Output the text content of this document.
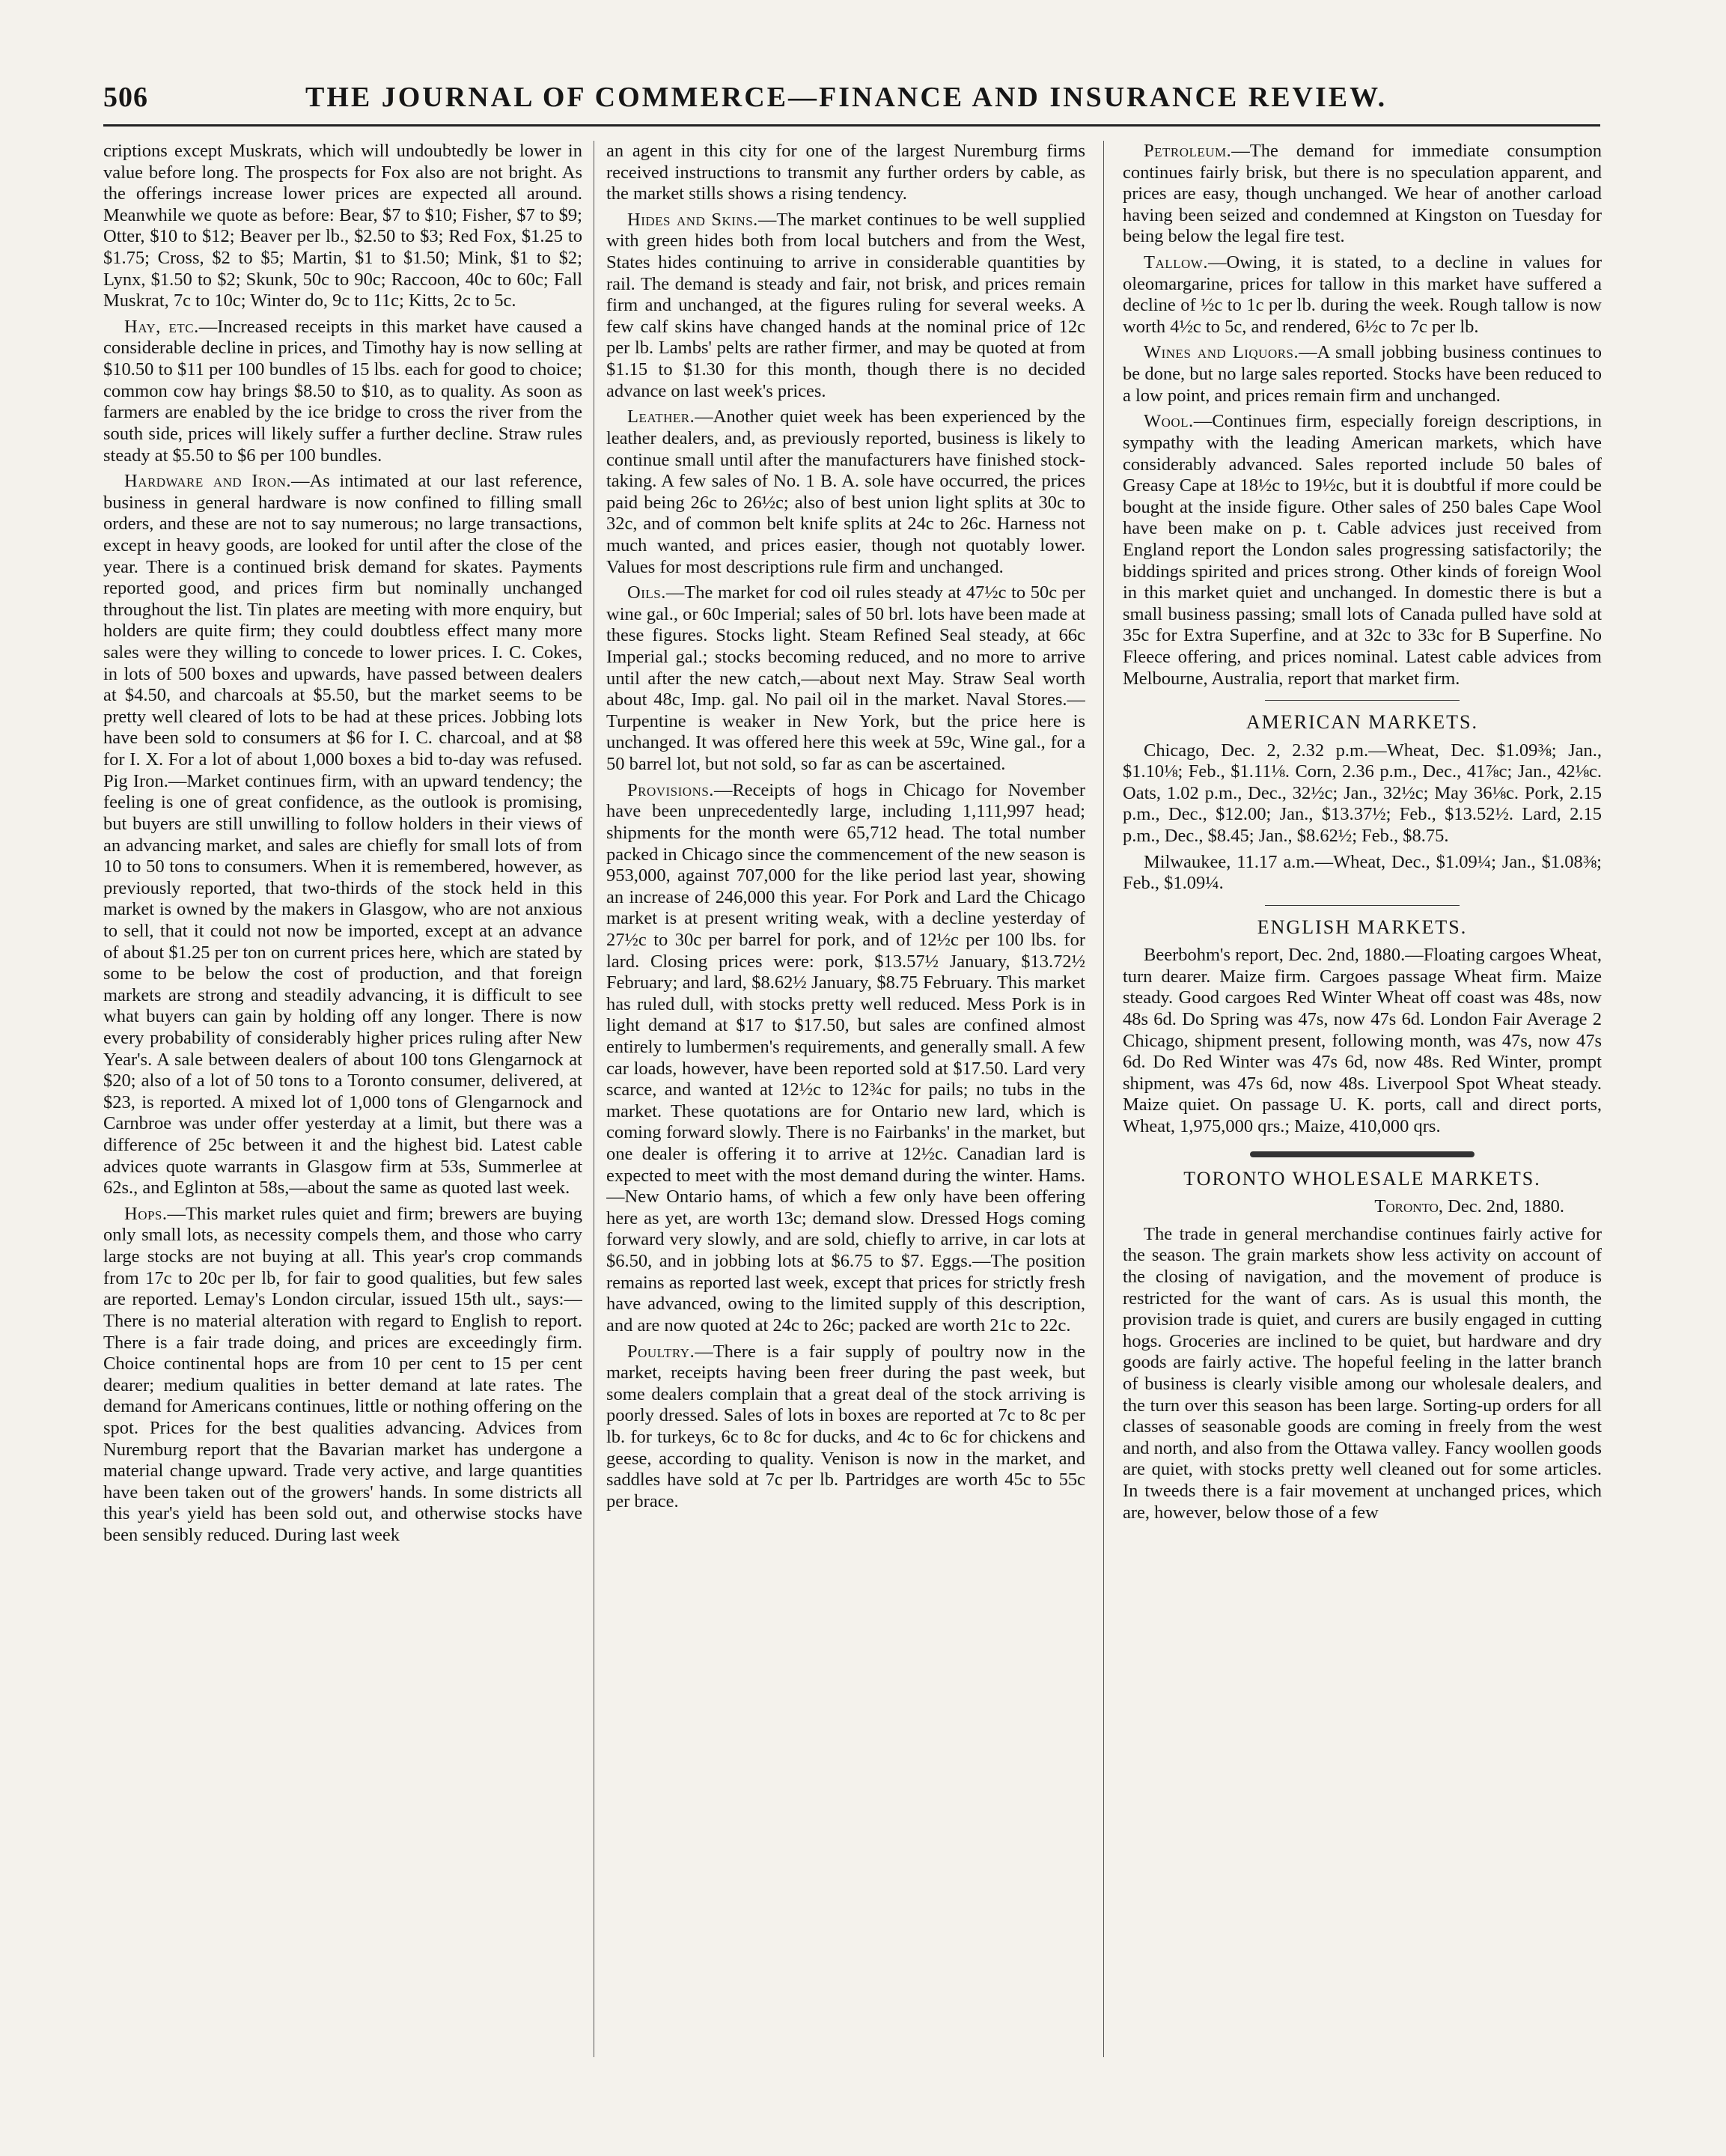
506	THE JOURNAL OF COMMERCE—FINANCE AND INSURANCE REVIEW.

criptions except Muskrats, which will undoubtedly be lower in value before long. The prospects for Fox also are not bright. As the offerings increase lower prices are expected all around. Meanwhile we quote as before: Bear, $7 to $10; Fisher, $7 to $9; Otter, $10 to $12; Beaver per lb., $2.50 to $3; Red Fox, $1.25 to $1.75; Cross, $2 to $5; Martin, $1 to $1.50; Mink, $1 to $2; Lynx, $1.50 to $2; Skunk, 50c to 90c; Raccoon, 40c to 60c; Fall Muskrat, 7c to 10c; Winter do, 9c to 11c; Kitts, 2c to 5c.

Hay, etc.—Increased receipts in this market have caused a considerable decline in prices, and Timothy hay is now selling at $10.50 to $11 per 100 bundles of 15 lbs. each for good to choice; common cow hay brings $8.50 to $10, as to quality. As soon as farmers are enabled by the ice bridge to cross the river from the south side, prices will likely suffer a further decline. Straw rules steady at $5.50 to $6 per 100 bundles.

Hardware and Iron.—As intimated at our last reference, business in general hardware is now confined to filling small orders, and these are not to say numerous; no large transactions, except in heavy goods, are looked for until after the close of the year. There is a continued brisk demand for skates. Payments reported good, and prices firm but nominally unchanged throughout the list. Tin plates are meeting with more enquiry, but holders are quite firm; they could doubtless effect many more sales were they willing to concede to lower prices. I. C. Cokes, in lots of 500 boxes and upwards, have passed between dealers at $4.50, and charcoals at $5.50, but the market seems to be pretty well cleared of lots to be had at these prices. Jobbing lots have been sold to consumers at $6 for I. C. charcoal, and at $8 for I. X. For a lot of about 1,000 boxes a bid to-day was refused. Pig Iron.—Market continues firm, with an upward tendency; the feeling is one of great confidence, as the outlook is promising, but buyers are still unwilling to follow holders in their views of an advancing market, and sales are chiefly for small lots of from 10 to 50 tons to consumers. When it is remembered, however, as previously reported, that two-thirds of the stock held in this market is owned by the makers in Glasgow, who are not anxious to sell, that it could not now be imported, except at an advance of about $1.25 per ton on current prices here, which are stated by some to be below the cost of production, and that foreign markets are strong and steadily advancing, it is difficult to see what buyers can gain by holding off any longer. There is now every probability of considerably higher prices ruling after New Year's. A sale between dealers of about 100 tons Glengarnock at $20; also of a lot of 50 tons to a Toronto consumer, delivered, at $23, is reported. A mixed lot of 1,000 tons of Glengarnock and Carnbroe was under offer yesterday at a limit, but there was a difference of 25c between it and the highest bid. Latest cable advices quote warrants in Glasgow firm at 53s, Summerlee at 62s., and Eglinton at 58s,—about the same as quoted last week.

Hops.—This market rules quiet and firm; brewers are buying only small lots, as necessity compels them, and those who carry large stocks are not buying at all. This year's crop commands from 17c to 20c per lb, for fair to good qualities, but few sales are reported. Lemay's London circular, issued 15th ult., says:—There is no material alteration with regard to English to report. There is a fair trade doing, and prices are exceedingly firm. Choice continental hops are from 10 per cent to 15 per cent dearer; medium qualities in better demand at late rates. The demand for Americans continues, little or nothing offering on the spot. Prices for the best qualities advancing. Advices from Nuremburg report that the Bavarian market has undergone a material change upward. Trade very active, and large quantities have been taken out of the growers' hands. In some districts all this year's yield has been sold out, and otherwise stocks have been sensibly reduced. During last week

an agent in this city for one of the largest Nuremburg firms received instructions to transmit any further orders by cable, as the market stills shows a rising tendency.

Hides and Skins.—The market continues to be well supplied with green hides both from local butchers and from the West, States hides continuing to arrive in considerable quantities by rail. The demand is steady and fair, not brisk, and prices remain firm and unchanged, at the figures ruling for several weeks. A few calf skins have changed hands at the nominal price of 12c per lb. Lambs' pelts are rather firmer, and may be quoted at from $1.15 to $1.30 for this month, though there is no decided advance on last week's prices.

Leather.—Another quiet week has been experienced by the leather dealers, and, as previously reported, business is likely to continue small until after the manufacturers have finished stock-taking. A few sales of No. 1 B. A. sole have occurred, the prices paid being 26c to 26½c; also of best union light splits at 30c to 32c, and of common belt knife splits at 24c to 26c. Harness not much wanted, and prices easier, though not quotably lower. Values for most descriptions rule firm and unchanged.

Oils.—The market for cod oil rules steady at 47½c to 50c per wine gal., or 60c Imperial; sales of 50 brl. lots have been made at these figures. Stocks light. Steam Refined Seal steady, at 66c Imperial gal.; stocks becoming reduced, and no more to arrive until after the new catch,—about next May. Straw Seal worth about 48c, Imp. gal. No pail oil in the market. Naval Stores.—Turpentine is weaker in New York, but the price here is unchanged. It was offered here this week at 59c, Wine gal., for a 50 barrel lot, but not sold, so far as can be ascertained.

Provisions.—Receipts of hogs in Chicago for November have been unprecedentedly large, including 1,111,997 head; shipments for the month were 65,712 head. The total number packed in Chicago since the commencement of the new season is 953,000, against 707,000 for the like period last year, showing an increase of 246,000 this year. For Pork and Lard the Chicago market is at present writing weak, with a decline yesterday of 27½c to 30c per barrel for pork, and of 12½c per 100 lbs. for lard. Closing prices were: pork, $13.57½ January, $13.72½ February; and lard, $8.62½ January, $8.75 February. This market has ruled dull, with stocks pretty well reduced. Mess Pork is in light demand at $17 to $17.50, but sales are confined almost entirely to lumbermen's requirements, and generally small. A few car loads, however, have been reported sold at $17.50. Lard very scarce, and wanted at 12½c to 12¾c for pails; no tubs in the market. These quotations are for Ontario new lard, which is coming forward slowly. There is no Fairbanks' in the market, but one dealer is offering it to arrive at 12½c. Canadian lard is expected to meet with the most demand during the winter. Hams.—New Ontario hams, of which a few only have been offering here as yet, are worth 13c; demand slow. Dressed Hogs coming forward very slowly, and are sold, chiefly to arrive, in car lots at $6.50, and in jobbing lots at $6.75 to $7. Eggs.—The position remains as reported last week, except that prices for strictly fresh have advanced, owing to the limited supply of this description, and are now quoted at 24c to 26c; packed are worth 21c to 22c.

Poultry.—There is a fair supply of poultry now in the market, receipts having been freer during the past week, but some dealers complain that a great deal of the stock arriving is poorly dressed. Sales of lots in boxes are reported at 7c to 8c per lb. for turkeys, 6c to 8c for ducks, and 4c to 6c for chickens and geese, according to quality. Venison is now in the market, and saddles have sold at 7c per lb. Partridges are worth 45c to 55c per brace.

Petroleum.—The demand for immediate consumption continues fairly brisk, but there is no speculation apparent, and prices are easy, though unchanged. We hear of another carload having been seized and condemned at Kingston on Tuesday for being below the legal fire test.

Tallow.—Owing, it is stated, to a decline in values for oleomargarine, prices for tallow in this market have suffered a decline of ½c to 1c per lb. during the week. Rough tallow is now worth 4½c to 5c, and rendered, 6½c to 7c per lb.

Wines and Liquors.—A small jobbing business continues to be done, but no large sales reported. Stocks have been reduced to a low point, and prices remain firm and unchanged.

Wool.—Continues firm, especially foreign descriptions, in sympathy with the leading American markets, which have considerably advanced. Sales reported include 50 bales of Greasy Cape at 18½c to 19½c, but it is doubtful if more could be bought at the inside figure. Other sales of 250 bales Cape Wool have been make on p. t. Cable advices just received from England report the London sales progressing satisfactorily; the biddings spirited and prices strong. Other kinds of foreign Wool in this market quiet and unchanged. In domestic there is but a small business passing; small lots of Canada pulled have sold at 35c for Extra Superfine, and at 32c to 33c for B Superfine. No Fleece offering, and prices nominal. Latest cable advices from Melbourne, Australia, report that market firm.

AMERICAN MARKETS.

Chicago, Dec. 2, 2.32 p.m.—Wheat, Dec. $1.09⅜; Jan., $1.10⅛; Feb., $1.11⅛. Corn, 2.36 p.m., Dec., 41⅞c; Jan., 42⅛c. Oats, 1.02 p.m., Dec., 32½c; Jan., 32½c; May 36⅛c. Pork, 2.15 p.m., Dec., $12.00; Jan., $13.37½; Feb., $13.52½. Lard, 2.15 p.m., Dec., $8.45; Jan., $8.62½; Feb., $8.75.

Milwaukee, 11.17 a.m.—Wheat, Dec., $1.09¼; Jan., $1.08⅜; Feb., $1.09¼.

ENGLISH MARKETS.

Beerbohm's report, Dec. 2nd, 1880.—Floating cargoes Wheat, turn dearer. Maize firm. Cargoes passage Wheat firm. Maize steady. Good cargoes Red Winter Wheat off coast was 48s, now 48s 6d. Do Spring was 47s, now 47s 6d. London Fair Average 2 Chicago, shipment present, following month, was 47s, now 47s 6d. Do Red Winter was 47s 6d, now 48s. Red Winter, prompt shipment, was 47s 6d, now 48s. Liverpool Spot Wheat steady. Maize quiet. On passage U. K. ports, call and direct ports, Wheat, 1,975,000 qrs.; Maize, 410,000 qrs.

TORONTO WHOLESALE MARKETS.
Toronto, Dec. 2nd, 1880.

The trade in general merchandise continues fairly active for the season. The grain markets show less activity on account of the closing of navigation, and the movement of produce is restricted for the want of cars. As is usual this month, the provision trade is quiet, and curers are busily engaged in cutting hogs. Groceries are inclined to be quiet, but hardware and dry goods are fairly active. The hopeful feeling in the latter branch of business is clearly visible among our wholesale dealers, and the turn over this season has been large. Sorting-up orders for all classes of seasonable goods are coming in freely from the west and north, and also from the Ottawa valley. Fancy woollen goods are quiet, with stocks pretty well cleaned out for some articles. In tweeds there is a fair movement at unchanged prices, which are, however, below those of a few
